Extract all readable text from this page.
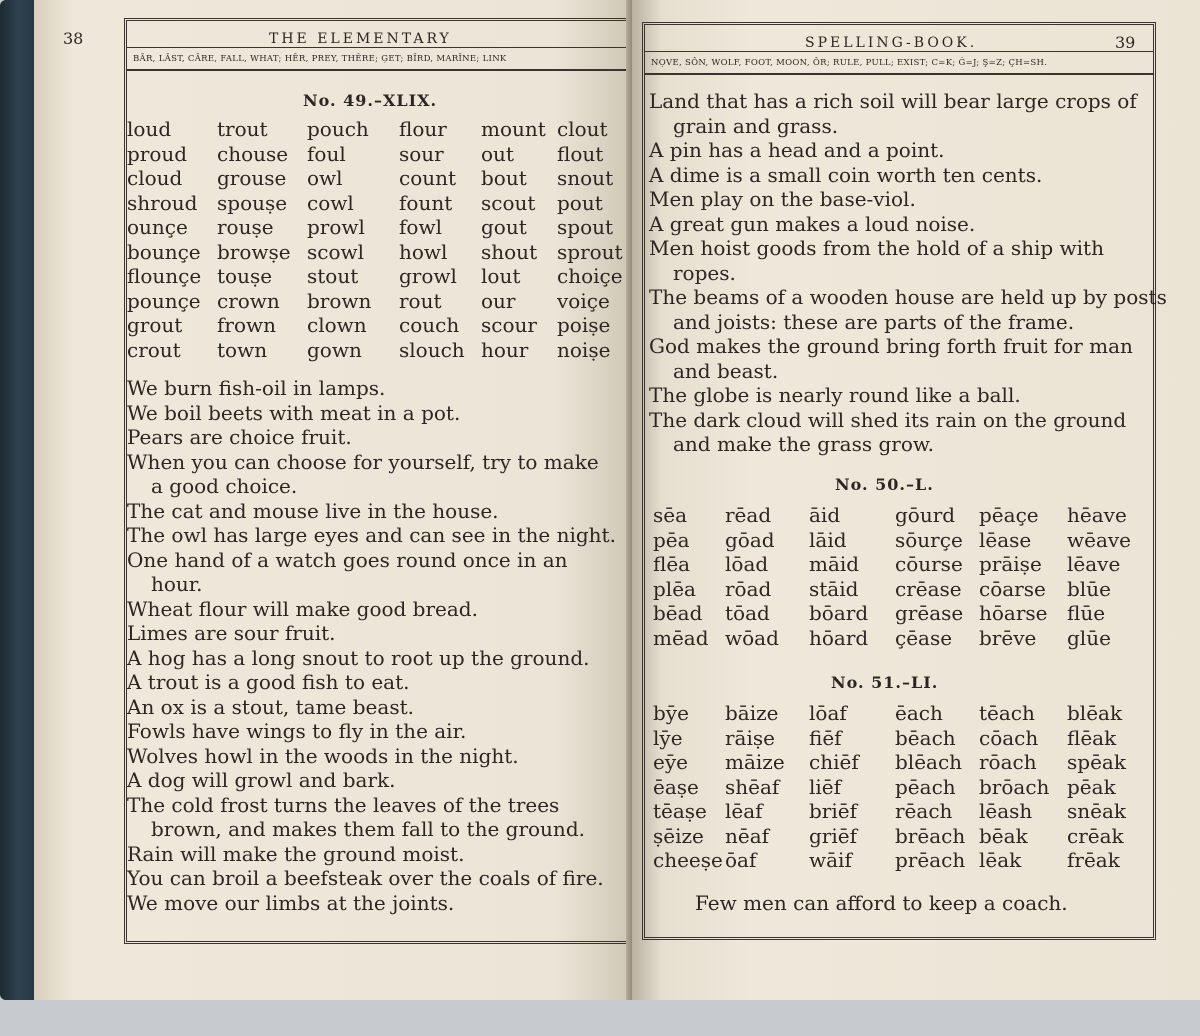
38	THE ELEMENTARY
BĀR, LĀST, CĀRE, FALL, WHAT; HĒR, PREY, THÊRE; ĢET; BĪRD, MARĪNE; LINK
No. 49.–XLIX.
loud	trout	pouch	flour	mount	clout
proud	chouse	foul	sour	out	flout
cloud	grouse	owl	count	bout	snout
shroud	spouṣe	cowl	fount	scout	pout
ounçe	rouṣe	prowl	fowl	gout	spout
bounçe	browṣe	scowl	howl	shout	sprout
flounçe	touṣe	stout	growl	lout	choiçe
pounçe	crown	brown	rout	our	voiçe
grout	frown	clown	couch	scour	poiṣe
crout	town	gown	slouch	hour	noiṣe
We burn fish-oil in lamps.
We boil beets with meat in a pot.
Pears are choice fruit.
When you can choose for yourself, try to make
a good choice.
The cat and mouse live in the house.
The owl has large eyes and can see in the night.
One hand of a watch goes round once in an
hour.
Wheat flour will make good bread.
Limes are sour fruit.
A hog has a long snout to root up the ground.
A trout is a good fish to eat.
An ox is a stout, tame beast.
Fowls have wings to fly in the air.
Wolves howl in the woods in the night.
A dog will growl and bark.
The cold frost turns the leaves of the trees
brown, and makes them fall to the ground.
Rain will make the ground moist.
You can broil a beefsteak over the coals of fire.
We move our limbs at the joints.
SPELLING-BOOK.	39
NỌVE, SÔN, WOLF, FOOT, MOON, ÔR; RULE, PULL; EXIST; C=K; Ġ=J; Ş=Z; ÇH=SH.
Land that has a rich soil will bear large crops of
grain and grass.
A pin has a head and a point.
A dime is a small coin worth ten cents.
Men play on the base-viol.
A great gun makes a loud noise.
Men hoist goods from the hold of a ship with
ropes.
The beams of a wooden house are held up by posts
and joists: these are parts of the frame.
God makes the ground bring forth fruit for man
and beast.
The globe is nearly round like a ball.
The dark cloud will shed its rain on the ground
and make the grass grow.
No. 50.–L.
sēa	rēad	āid	gōurd	pēaçe	hēave
pēa	gōad	lāid	sōurçe	lēase	wēave
flēa	lōad	māid	cōurse	prāiṣe	lēave
plēa	rōad	stāid	crēase	cōarse	blūe
bēad	tōad	bōard	grēase	hōarse	flūe
mēad	wōad	hōard	çēase	brēve	glūe
No. 51.–LI.
bȳe	bāize	lōaf	ēach	tēach	blēak
lȳe	rāiṣe	fiēf	bēach	cōach	flēak
eȳe	māize	chiēf	blēach	rōach	spēak
ēaṣe	shēaf	liēf	pēach	brōach	pēak
tēaṣe	lēaf	briēf	rēach	lēash	snēak
ṣēize	nēaf	griēf	brēach	bēak	crēak
cheeṣe	ōaf	wāif	prēach	lēak	frēak
Few men can afford to keep a coach.
